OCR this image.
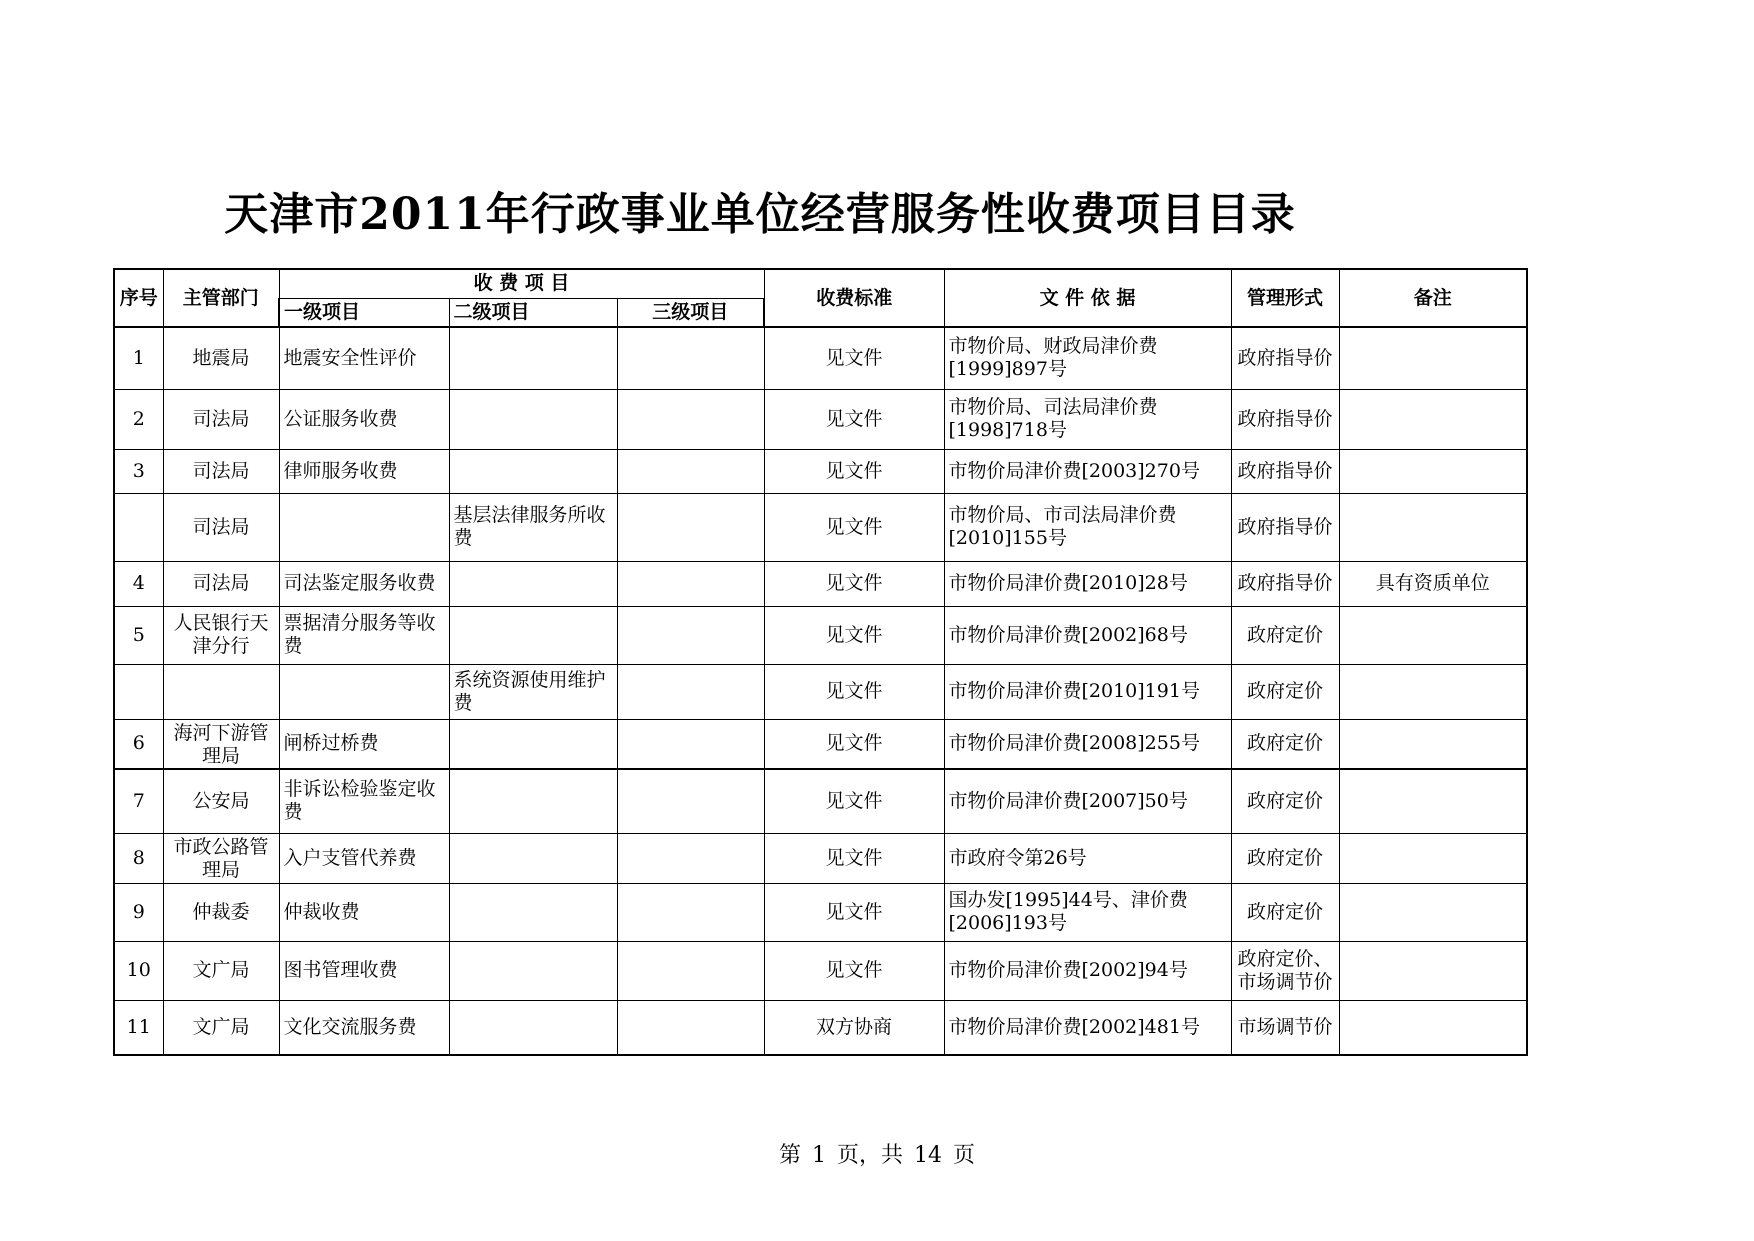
天津市2011年行政事业单位经营服务性收费项目目录
序号	主管部门	收 费 项 目			收费标准	文 件 依 据	管理形式	备注
		一级项目	二级项目	三级项目				

1	地震局	地震安全性评价			见文件	市物价局、财政局津价费[1999]897号	政府指导价	

2	司法局	公证服务收费			见文件	市物价局、司法局津价费[1998]718号	政府指导价	

3	司法局	律师服务收费			见文件	市物价局津价费[2003]270号	政府指导价	

	司法局		基层法律服务所收费		见文件	市物价局、市司法局津价费[2010]155号	政府指导价	

4	司法局	司法鉴定服务收费			见文件	市物价局津价费[2010]28号	政府指导价	具有资质单位

5	人民银行天津分行	票据清分服务等收费			见文件	市物价局津价费[2002]68号	政府定价	

			系统资源使用维护费		见文件	市物价局津价费[2010]191号	政府定价	

6	海河下游管理局	闸桥过桥费			见文件	市物价局津价费[2008]255号	政府定价	

7	公安局	非诉讼检验鉴定收费			见文件	市物价局津价费[2007]50号	政府定价	

8	市政公路管理局	入户支管代养费			见文件	市政府令第26号	政府定价	

9	仲裁委	仲裁收费			见文件	国办发[1995]44号、津价费[2006]193号	政府定价	

10	文广局	图书管理收费			见文件	市物价局津价费[2002]94号	政府定价、市场调节价	

11	文广局	文化交流服务费			双方协商	市物价局津价费[2002]481号	市场调节价	

第 1 页，共 14 页
